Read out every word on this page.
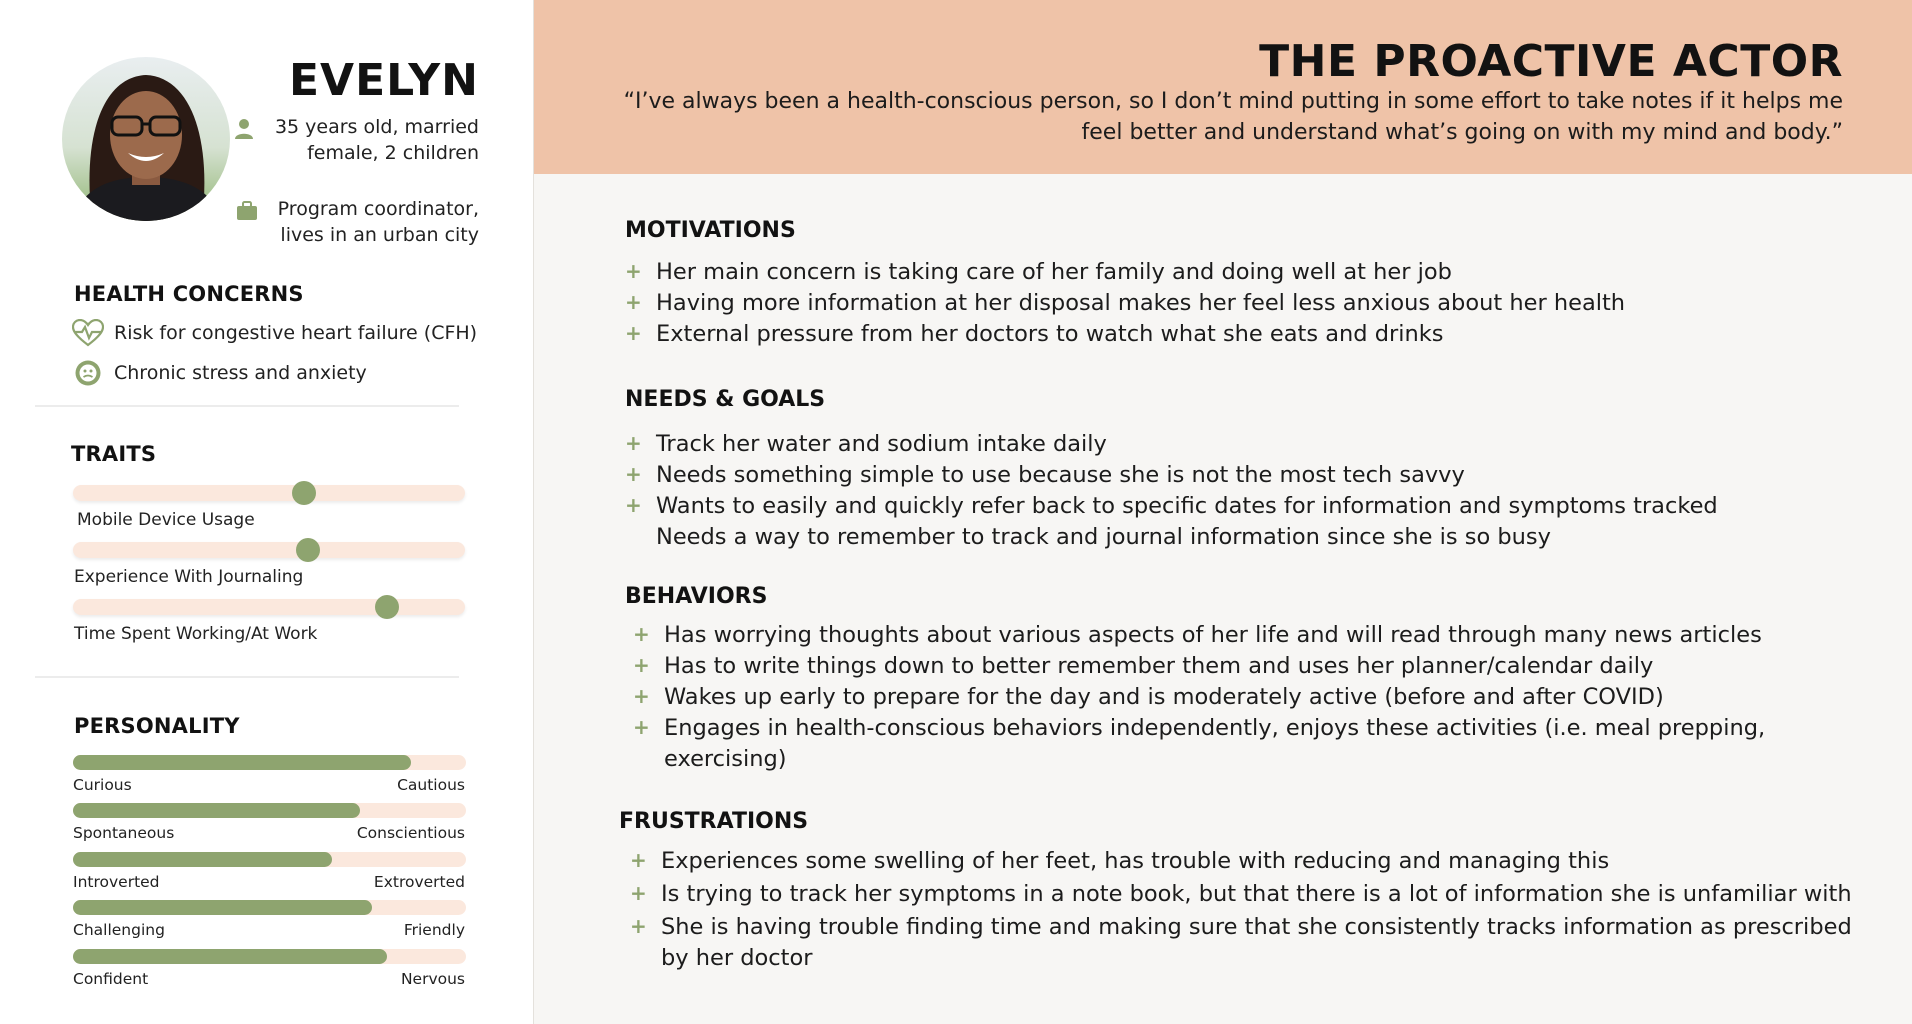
EVELYN
35 years old, married
female, 2 children
Program coordinator,
lives in an urban city
HEALTH CONCERNS
Risk for congestive heart failure (CFH)
Chronic stress and anxiety
TRAITS
Mobile Device Usage
Experience With Journaling
Time Spent Working/At Work
PERSONALITY
Curious	Cautious
Spontaneous	Conscientious
Introverted	Extroverted
Challenging	Friendly
Confident	Nervous
THE PROACTIVE ACTOR
“I’ve always been a health-conscious person, so I don’t mind putting in some effort to take notes if it helps me
feel better and understand what’s going on with my mind and body.”
MOTIVATIONS
+ Her main concern is taking care of her family and doing well at her job
+ Having more information at her disposal makes her feel less anxious about her health
+ External pressure from her doctors to watch what she eats and drinks
NEEDS & GOALS
+ Track her water and sodium intake daily
+ Needs something simple to use because she is not the most tech savvy
+ Wants to easily and quickly refer back to specific dates for information and symptoms tracked
Needs a way to remember to track and journal information since she is so busy
BEHAVIORS
+ Has worrying thoughts about various aspects of her life and will read through many news articles
+ Has to write things down to better remember them and uses her planner/calendar daily
+ Wakes up early to prepare for the day and is moderately active (before and after COVID)
+ Engages in health-conscious behaviors independently, enjoys these activities (i.e. meal prepping,
exercising)
FRUSTRATIONS
+ Experiences some swelling of her feet, has trouble with reducing and managing this
+ Is trying to track her symptoms in a note book, but that there is a lot of information she is unfamiliar with
+ She is having trouble finding time and making sure that she consistently tracks information as prescribed
by her doctor
